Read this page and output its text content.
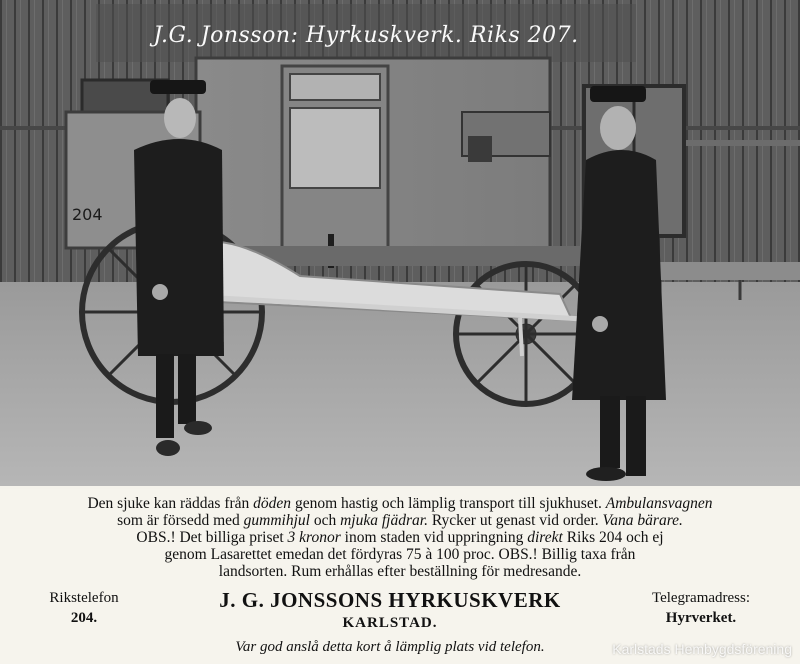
J.G. Jonsson: Hyrkuskverk. Riks 207.
204
Den sjuke kan räddas från döden genom hastig och lämplig transport till sjukhuset. Ambulansvagnen
som är försedd med gummihjul och mjuka fjädrar. Rycker ut genast vid order. Vana bärare.
OBS.! Det billiga priset 3 kronor inom staden vid uppringning direkt Riks 204 och ej
genom Lasarettet emedan det fördyras 75 à 100 proc. OBS.! Billig taxa från
landsorten. Rum erhållas efter beställning för medresande.
Rikstelefon
204.
J. G. JONSSONS HYRKUSKVERK
KARLSTAD.
Telegramadress:
Hyrverket.
Var god anslå detta kort å lämplig plats vid telefon.	Karlstads Hembygdsförening
